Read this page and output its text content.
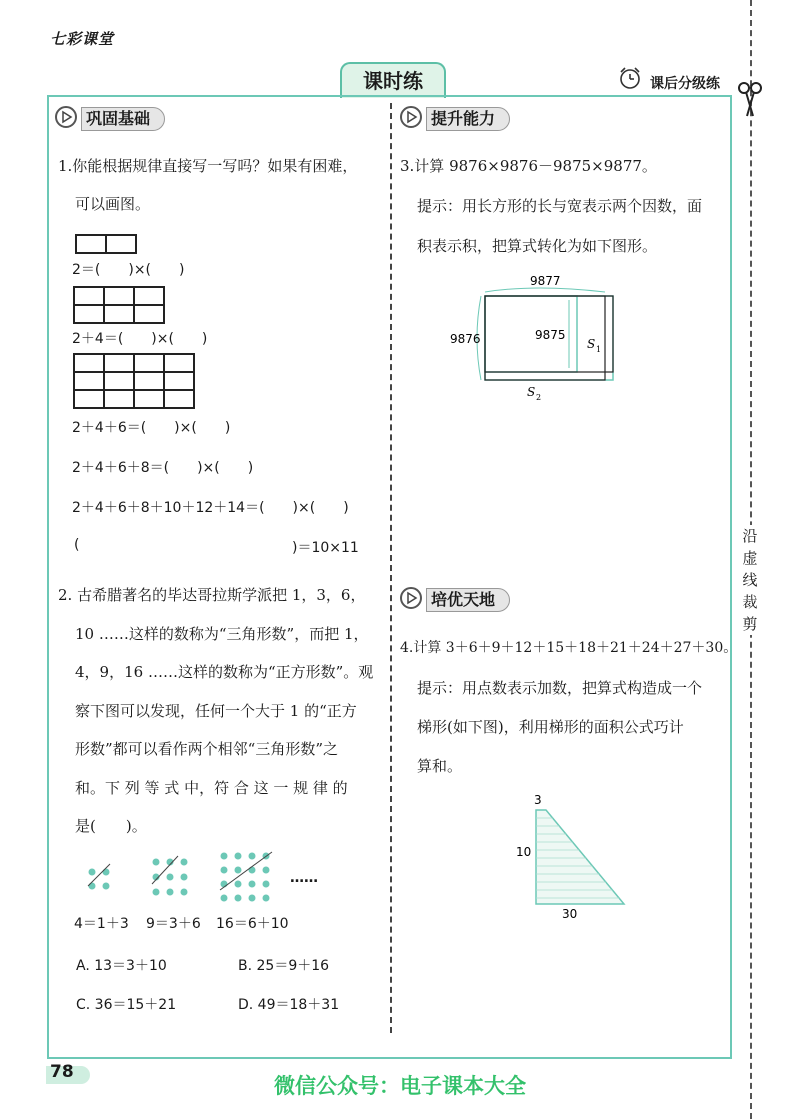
七彩课堂
课时练	课后分级练
沿
虚
线
裁
剪
巩固基础
1.你能根据规律直接写一写吗？如果有困难，
可以画图。

2＝(　　)×(　　)

2＋4＝(　　)×(　　)

2＋4＋6＝(　　)×(　　)
2＋4＋6＋8＝(　　)×(　　)
2＋4＋6＋8＋10＋12＋14＝(　　)×(　　)
(	)＝10×11
2. 古希腊著名的毕达哥拉斯学派把 1，3，6，
10 ……这样的数称为“三角形数”，而把 1，
4，9，16 ……这样的数称为“正方形数”。观
察下图可以发现，任何一个大于 1 的“正方
形数”都可以看作两个相邻“三角形数”之
和。下 列 等 式 中，符 合 这 一 规 律 的
是(　　)。
……
4＝1＋3 9＝3＋6 16＝6＋10
A. 13＝3＋10	B. 25＝9＋16
C. 36＝15＋21	D. 49＝18＋31
提升能力
3.计算 9876×9876－9875×9877。
提示：用长方形的长与宽表示两个因数，面
积表示积，把算式转化为如下图形。
9877
9876	9875
S 1
S 2
培优天地
4.计算 3＋6＋9＋12＋15＋18＋21＋24＋27＋30。
提示：用点数表示加数，把算式构造成一个
梯形(如下图)，利用梯形的面积公式巧计
算和。
3
10
30
78
微信公众号：电子课本大全
